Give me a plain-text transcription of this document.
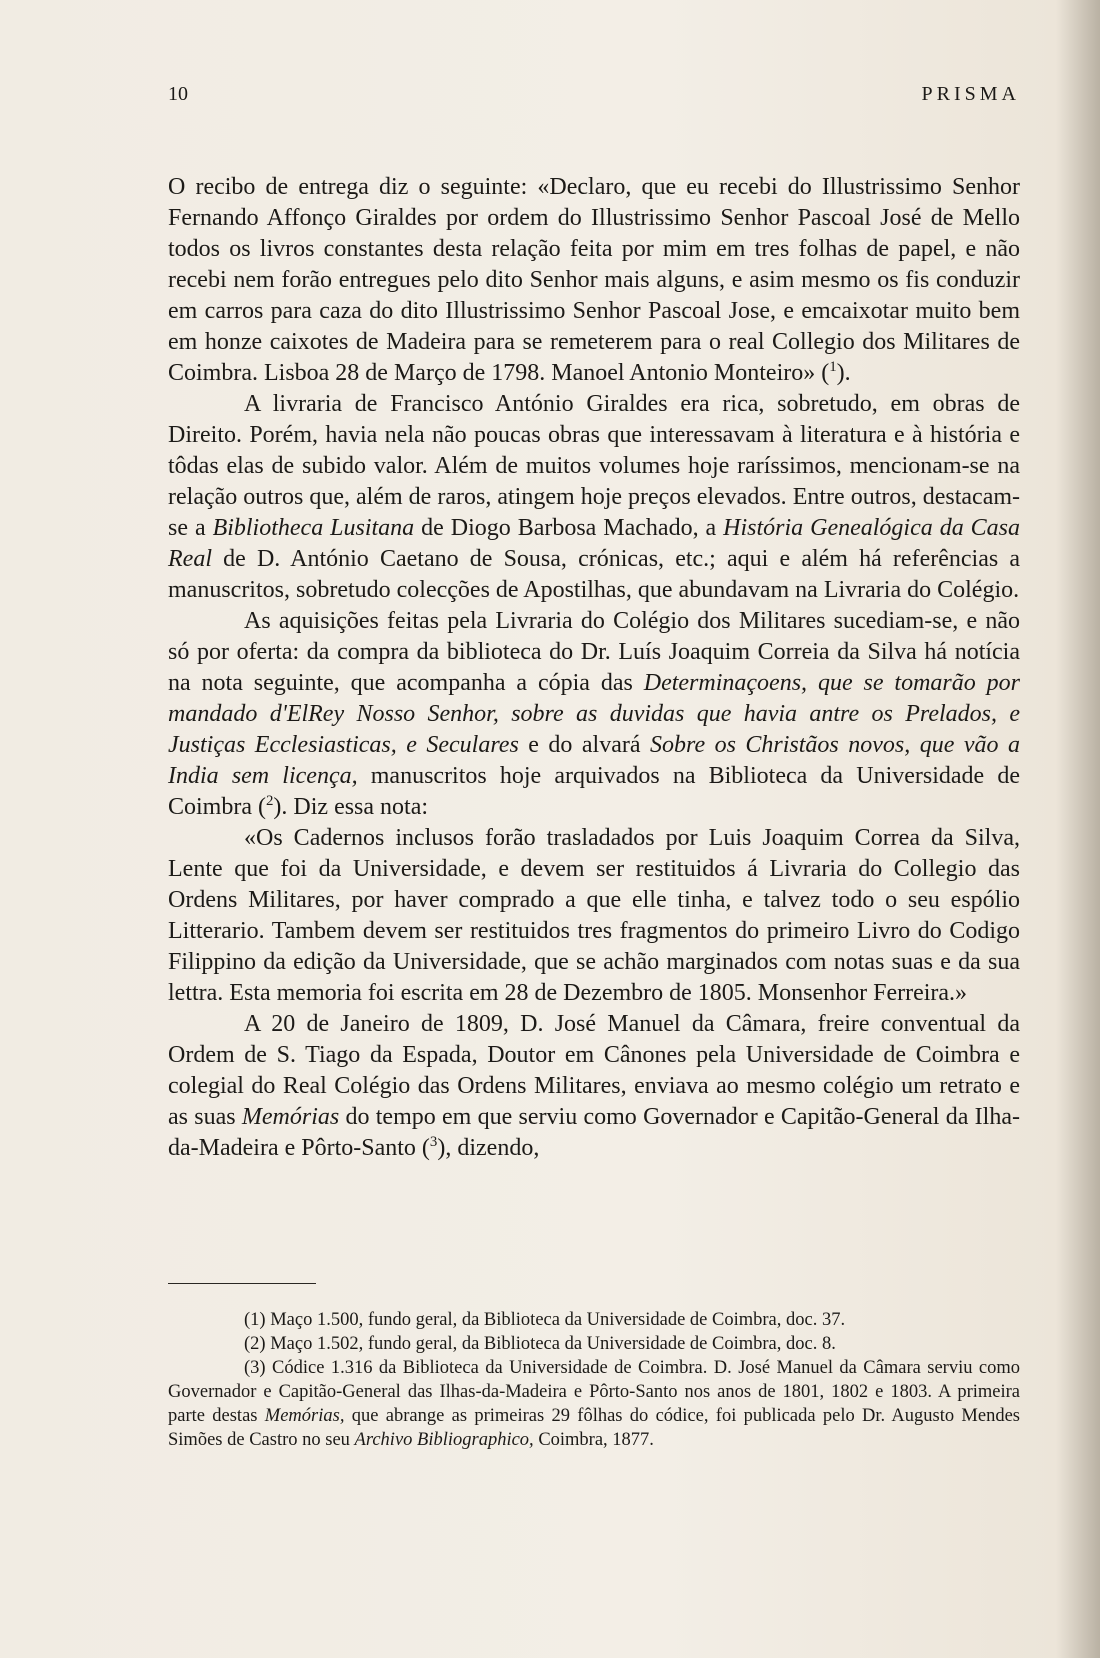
10	PRISMA

O recibo de entrega diz o seguinte: «Declaro, que eu recebi do Illustrissimo Senhor Fernando Affonço Giraldes por ordem do Illustrissimo Senhor Pascoal José de Mello todos os livros constantes desta relação feita por mim em tres folhas de papel, e não recebi nem forão entregues pelo dito Senhor mais alguns, e asim mesmo os fis conduzir em carros para caza do dito Illustrissimo Senhor Pascoal Jose, e emcaixotar muito bem em honze caixotes de Madeira para se remeterem para o real Collegio dos Militares de Coimbra. Lisboa 28 de Março de 1798. Manoel Antonio Monteiro» ($^1$).

A livraria de Francisco António Giraldes era rica, sobretudo, em obras de Direito. Porém, havia nela não poucas obras que interessavam à literatura e à história e tôdas elas de subido valor. Além de muitos volumes hoje raríssimos, mencionam-se na relação outros que, além de raros, atingem hoje preços elevados. Entre outros, destacam-se a Bibliotheca Lusitana de Diogo Barbosa Machado, a História Genealógica da Casa Real de D. António Caetano de Sousa, crónicas, etc.; aqui e além há referências a manuscritos, sobretudo colecções de Apostilhas, que abundavam na Livraria do Colégio.

As aquisições feitas pela Livraria do Colégio dos Militares sucediam-se, e não só por oferta: da compra da biblioteca do Dr. Luís Joaquim Correia da Silva há notícia na nota seguinte, que acompanha a cópia das Determinaçoens, que se tomarão por mandado d'ElRey Nosso Senhor, sobre as duvidas que havia antre os Prelados, e Justiças Ecclesiasticas, e Seculares e do alvará Sobre os Christãos novos, que vão a India sem licença, manuscritos hoje arquivados na Biblioteca da Universidade de Coimbra ($^2$). Diz essa nota:

«Os Cadernos inclusos forão trasladados por Luis Joaquim Correa da Silva, Lente que foi da Universidade, e devem ser restituidos á Livraria do Collegio das Ordens Militares, por haver comprado a que elle tinha, e talvez todo o seu espólio Litterario. Tambem devem ser restituidos tres fragmentos do primeiro Livro do Codigo Filippino da edição da Universidade, que se achão marginados com notas suas e da sua lettra. Esta memoria foi escrita em 28 de Dezembro de 1805. Monsenhor Ferreira.»

A 20 de Janeiro de 1809, D. José Manuel da Câmara, freire conventual da Ordem de S. Tiago da Espada, Doutor em Cânones pela Universidade de Coimbra e colegial do Real Colégio das Ordens Militares, enviava ao mesmo colégio um retrato e as suas Memórias do tempo em que serviu como Governador e Capitão-General da Ilha-da-Madeira e Pôrto-Santo ($^3$), dizendo,

(1) Maço 1.500, fundo geral, da Biblioteca da Universidade de Coimbra, doc. 37.

(2) Maço 1.502, fundo geral, da Biblioteca da Universidade de Coimbra, doc. 8.

(3) Códice 1.316 da Biblioteca da Universidade de Coimbra. D. José Manuel da Câmara serviu como Governador e Capitão-General das Ilhas-da-Madeira e Pôrto-Santo nos anos de 1801, 1802 e 1803. A primeira parte destas Memórias, que abrange as primeiras 29 fôlhas do códice, foi publicada pelo Dr. Augusto Mendes Simões de Castro no seu Archivo Bibliographico, Coimbra, 1877.
